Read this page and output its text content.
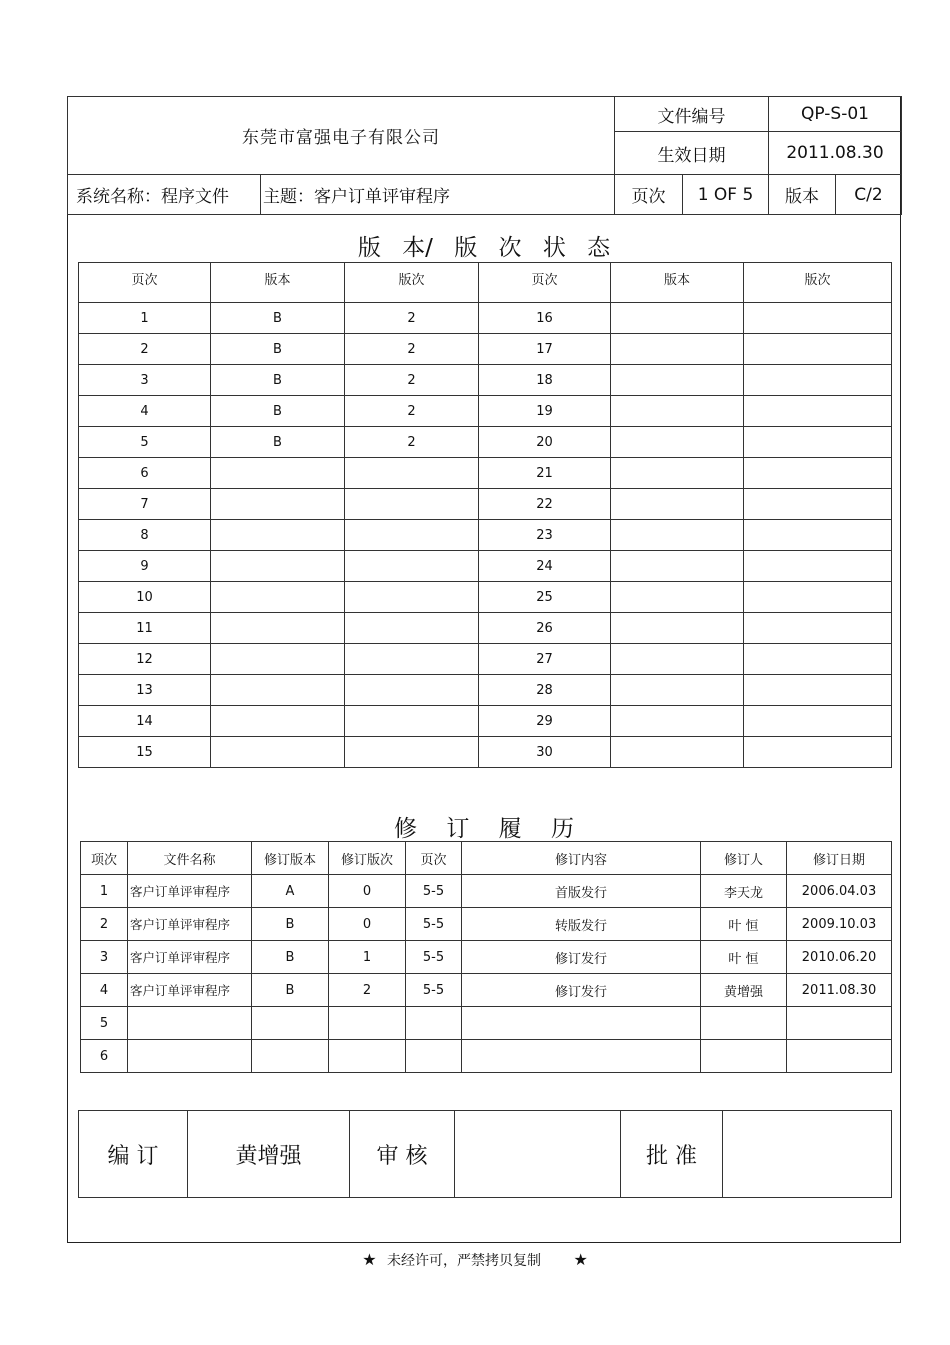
东莞市富强电子有限公司		文件编号		QP-S-01	
		生效日期		2011.08.30	
系统名称：程序文件	主题：客户订单评审程序	页次	1 OF 5	版本	C/2
版 本/ 版 次 状 态
页次	版本	版次	页次	版本	版次
1	B	2	16		
2	B	2	17		
3	B	2	18		
4	B	2	19		
5	B	2	20		
6			21		
7			22		
8			23		
9			24		
10			25		
11			26		
12			27		
13			28		
14			29		
15			30		
修 订 履 历
项次	文件名称	修订版本	修订版次	页次	修订内容	修订人	修订日期
1	客户订单评审程序	A	0	5-5	首版发行	李天龙	2006.04.03
2	客户订单评审程序	B	0	5-5	转版发行	叶 恒	2009.10.03
3	客户订单评审程序	B	1	5-5	修订发行	叶 恒	2010.06.20
4	客户订单评审程序	B	2	5-5	修订发行	黄增强	2011.08.30
5							
6							
编 订	黄增强	审 核		批 准	
★ 未经许可，严禁拷贝复制 ★
